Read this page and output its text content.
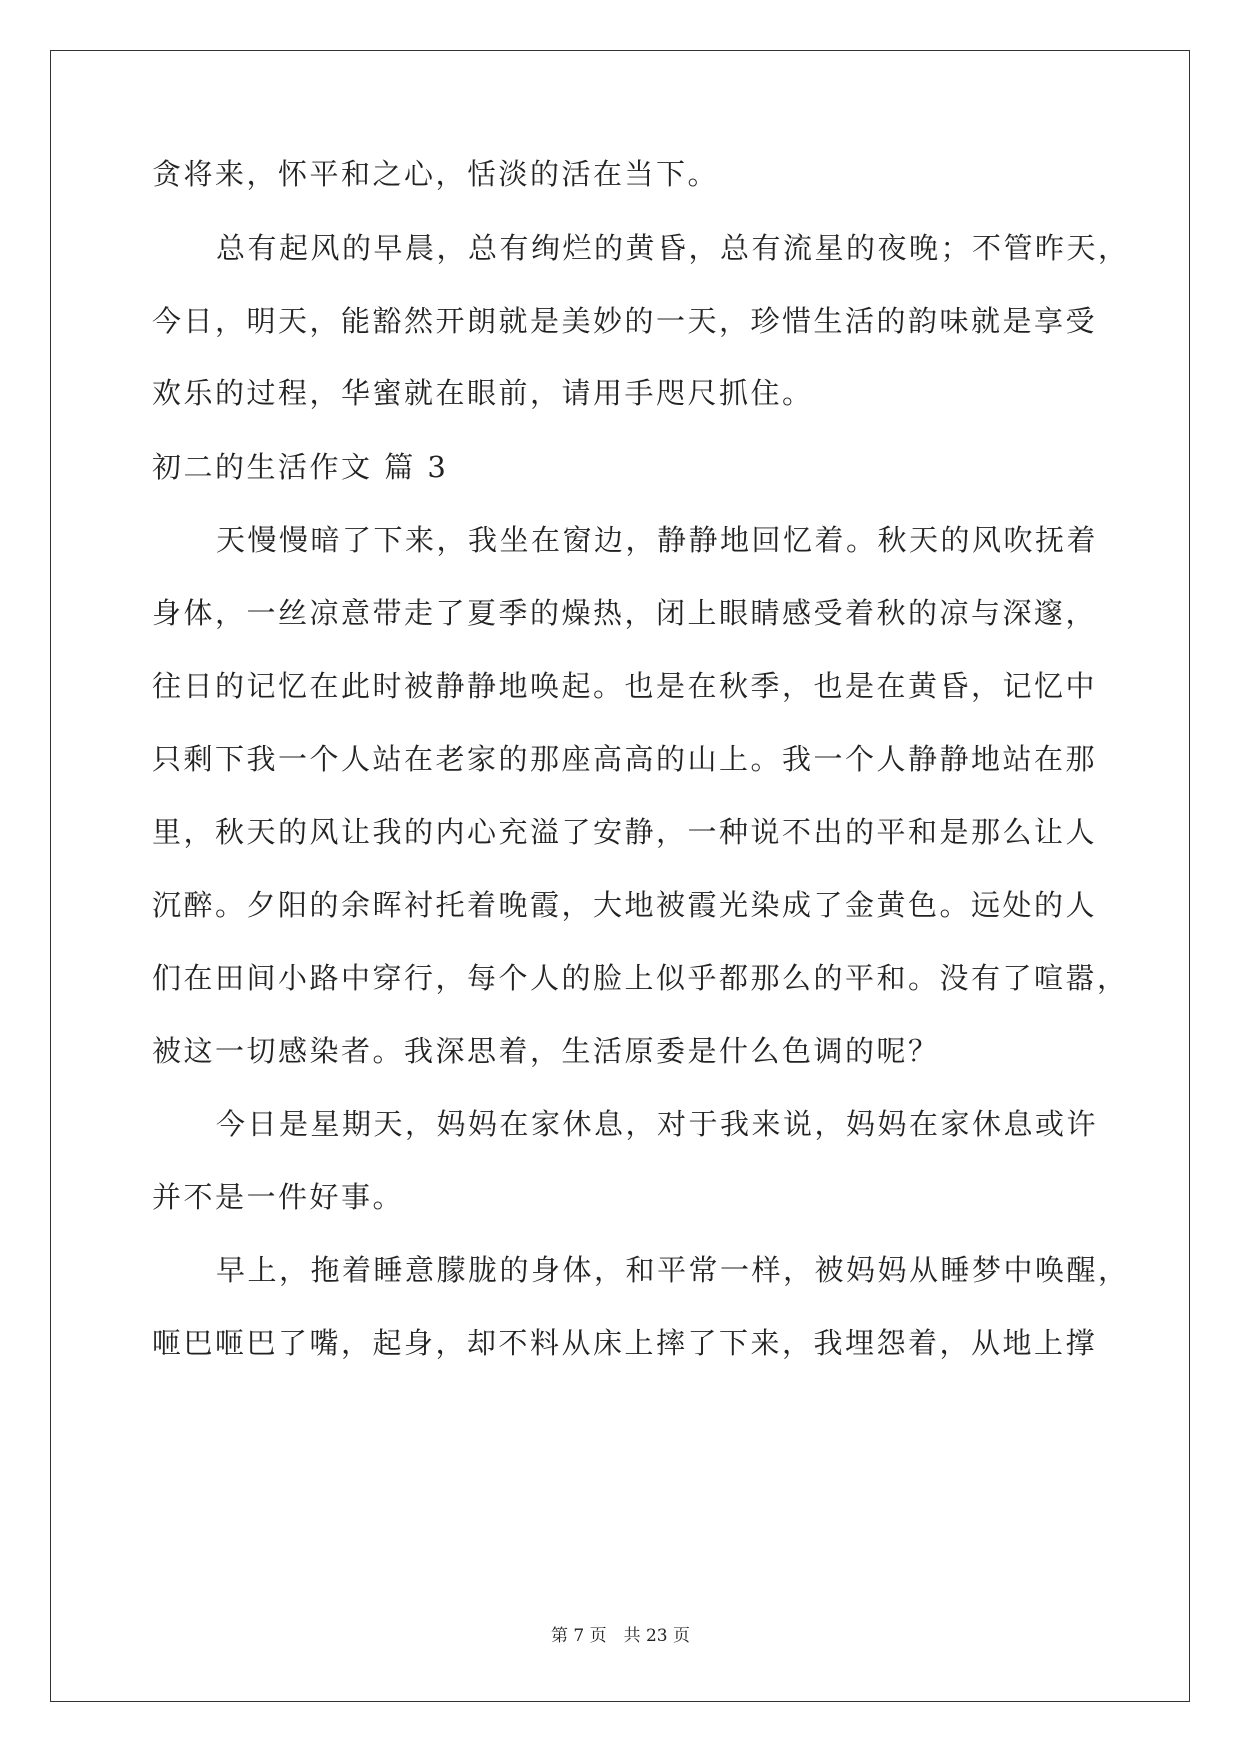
贪将来，怀平和之心，恬淡的活在当下。
总有起风的早晨，总有绚烂的黄昏，总有流星的夜晚；不管昨天，
今日，明天，能豁然开朗就是美妙的一天，珍惜生活的韵味就是享受
欢乐的过程，华蜜就在眼前，请用手咫尺抓住。
初二的生活作文 篇 3
天慢慢暗了下来，我坐在窗边，静静地回忆着。秋天的风吹抚着
身体，一丝凉意带走了夏季的燥热，闭上眼睛感受着秋的凉与深邃，
往日的记忆在此时被静静地唤起。也是在秋季，也是在黄昏，记忆中
只剩下我一个人站在老家的那座高高的山上。我一个人静静地站在那
里，秋天的风让我的内心充溢了安静，一种说不出的平和是那么让人
沉醉。夕阳的余晖衬托着晚霞，大地被霞光染成了金黄色。远处的人
们在田间小路中穿行，每个人的脸上似乎都那么的平和。没有了喧嚣，
被这一切感染者。我深思着，生活原委是什么色调的呢？
今日是星期天，妈妈在家休息，对于我来说，妈妈在家休息或许
并不是一件好事。
早上，拖着睡意朦胧的身体，和平常一样，被妈妈从睡梦中唤醒，
咂巴咂巴了嘴，起身，却不料从床上摔了下来，我埋怨着，从地上撑
第 7 页　共 23 页
